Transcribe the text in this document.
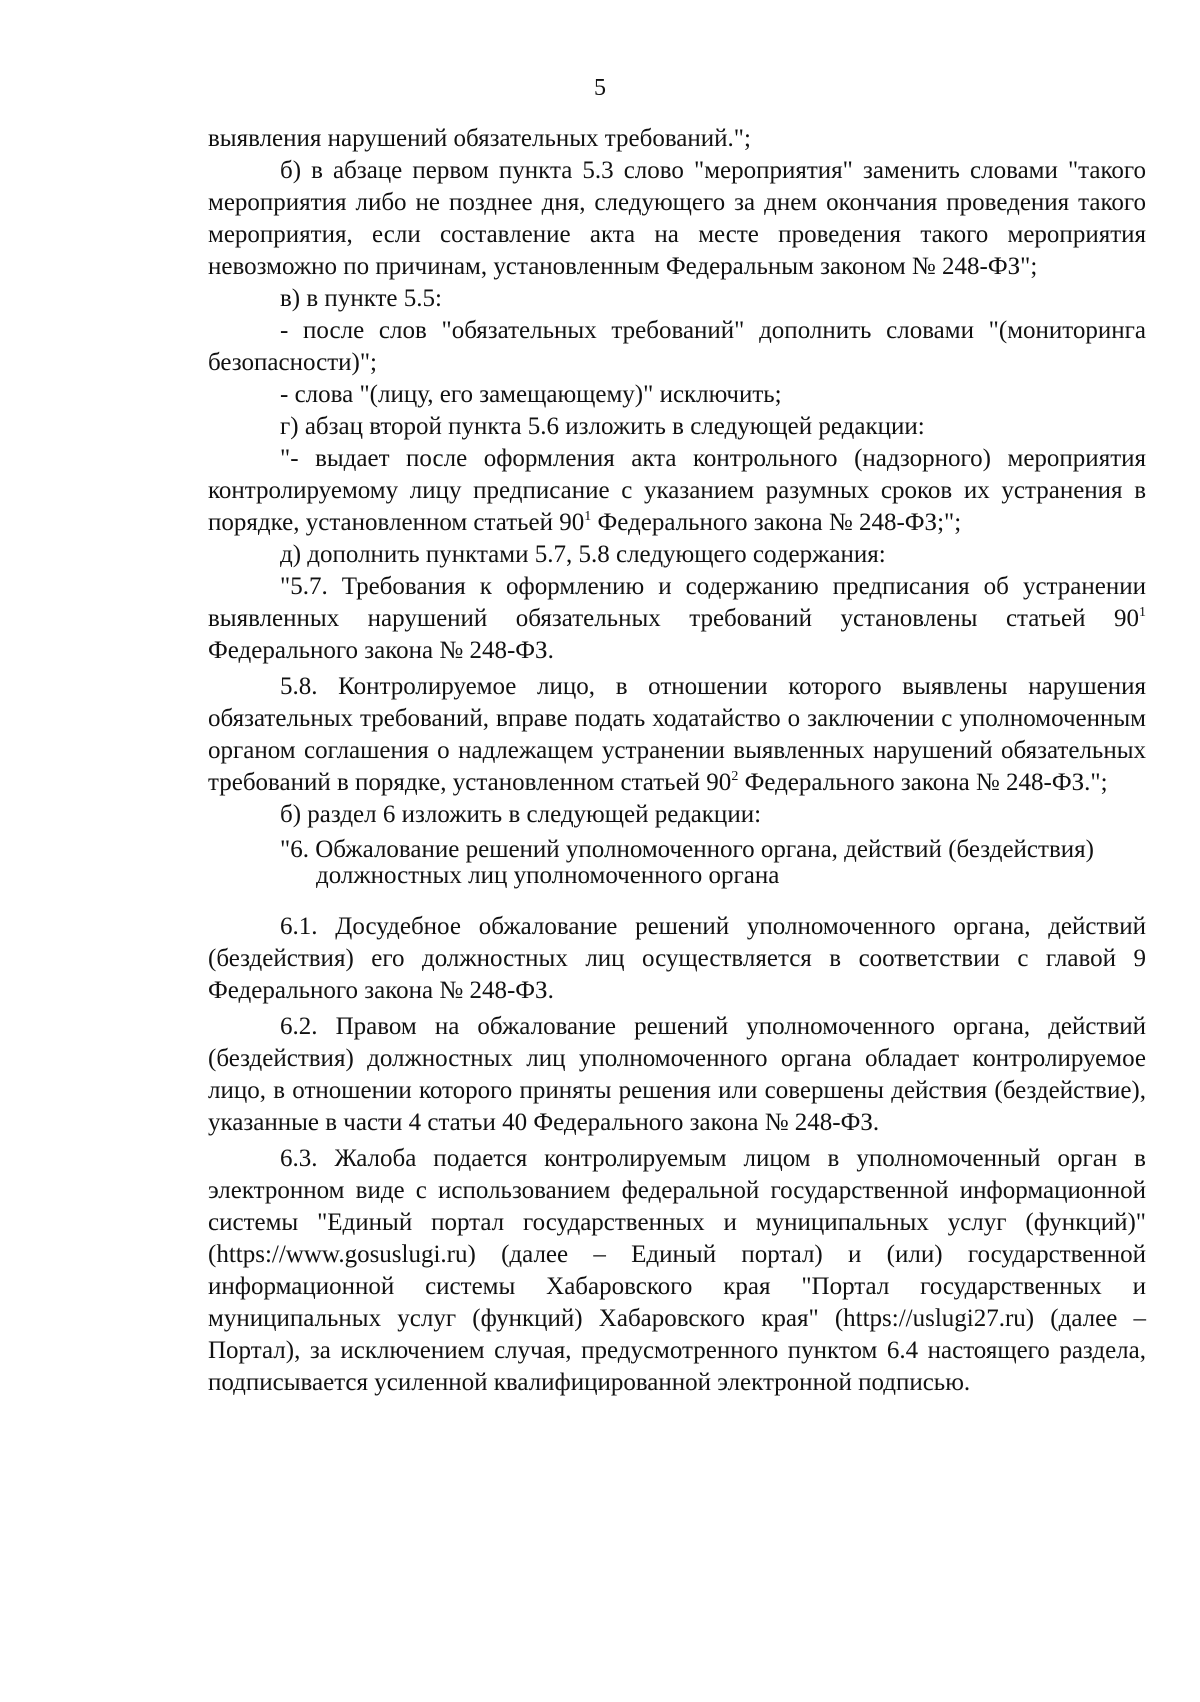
5

выявления нарушений обязательных требований.";

б) в абзаце первом пункта 5.3 слово "мероприятия" заменить словами "такого мероприятия либо не позднее дня, следующего за днем окончания проведения такого мероприятия, если составление акта на месте проведения такого мероприятия невозможно по причинам, установленным Федеральным законом № 248-ФЗ";

в) в пункте 5.5:

- после слов "обязательных требований" дополнить словами "(мониторинга безопасности)";

- слова "(лицу, его замещающему)" исключить;

г) абзац второй пункта 5.6 изложить в следующей редакции:

"- выдает после оформления акта контрольного (надзорного) мероприятия контролируемому лицу предписание с указанием разумных сроков их устранения в порядке, установленном статьей $90^1$ Федерального закона № 248-ФЗ;";

д) дополнить пунктами 5.7, 5.8 следующего содержания:

"5.7. Требования к оформлению и содержанию предписания об устранении выявленных нарушений обязательных требований установлены статьей $90^1$ Федерального закона № 248-ФЗ.

5.8. Контролируемое лицо, в отношении которого выявлены нарушения обязательных требований, вправе подать ходатайство о заключении с уполномоченным органом соглашения о надлежащем устранении выявленных нарушений обязательных требований в порядке, установленном статьей $90^2$ Федерального закона № 248-ФЗ.";

б) раздел 6 изложить в следующей редакции:

"6. Обжалование решений уполномоченного органа, действий (бездействия)
должностных лиц уполномоченного органа

6.1. Досудебное обжалование решений уполномоченного органа, действий (бездействия) его должностных лиц осуществляется в соответствии с главой 9 Федерального закона № 248-ФЗ.

6.2. Правом на обжалование решений уполномоченного органа, действий (бездействия) должностных лиц уполномоченного органа обладает контролируемое лицо, в отношении которого приняты решения или совершены действия (бездействие), указанные в части 4 статьи 40 Федерального закона № 248-ФЗ.

6.3. Жалоба подается контролируемым лицом в уполномоченный орган в электронном виде с использованием федеральной государственной информационной системы "Единый портал государственных и муниципальных услуг (функций)" (https://www.gosuslugi.ru) (далее – Единый портал) и (или) государственной информационной системы Хабаровского края "Портал государственных и муниципальных услуг (функций) Хабаровского края" (https://uslugi27.ru) (далее – Портал), за исключением случая, предусмотренного пунктом 6.4 настоящего раздела, подписывается усиленной квалифицированной электронной подписью.
